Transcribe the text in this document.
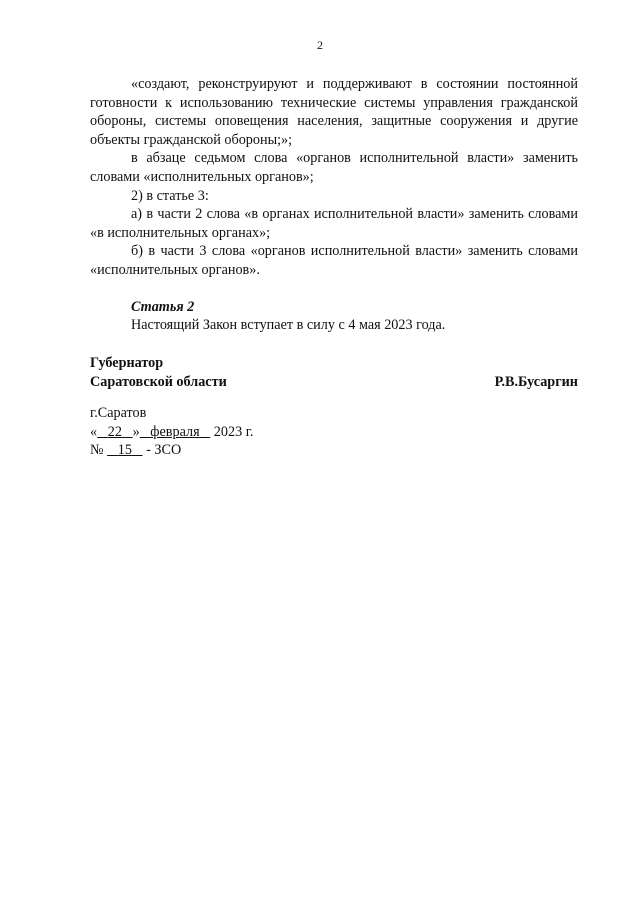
2

«создают, реконструируют и поддерживают в состоянии постоянной готовности к использованию технические системы управления гражданской обороны, системы оповещения населения, защитные сооружения и другие объекты гражданской обороны;»;

в абзаце седьмом слова «органов исполнительной власти» заменить словами «исполнительных органов»;

2) в статье 3:

а) в части 2 слова «в органах исполнительной власти» заменить словами «в исполнительных органах»;

б) в части 3 слова «органов исполнительной власти» заменить словами «исполнительных органов».

Статья 2

Настоящий Закон вступает в силу с 4 мая 2023 года.

Губернатор
Саратовской области	Р.В.Бусаргин
г.Саратов
« 22 » февраля    2023 г.
№    15    - ЗСО
